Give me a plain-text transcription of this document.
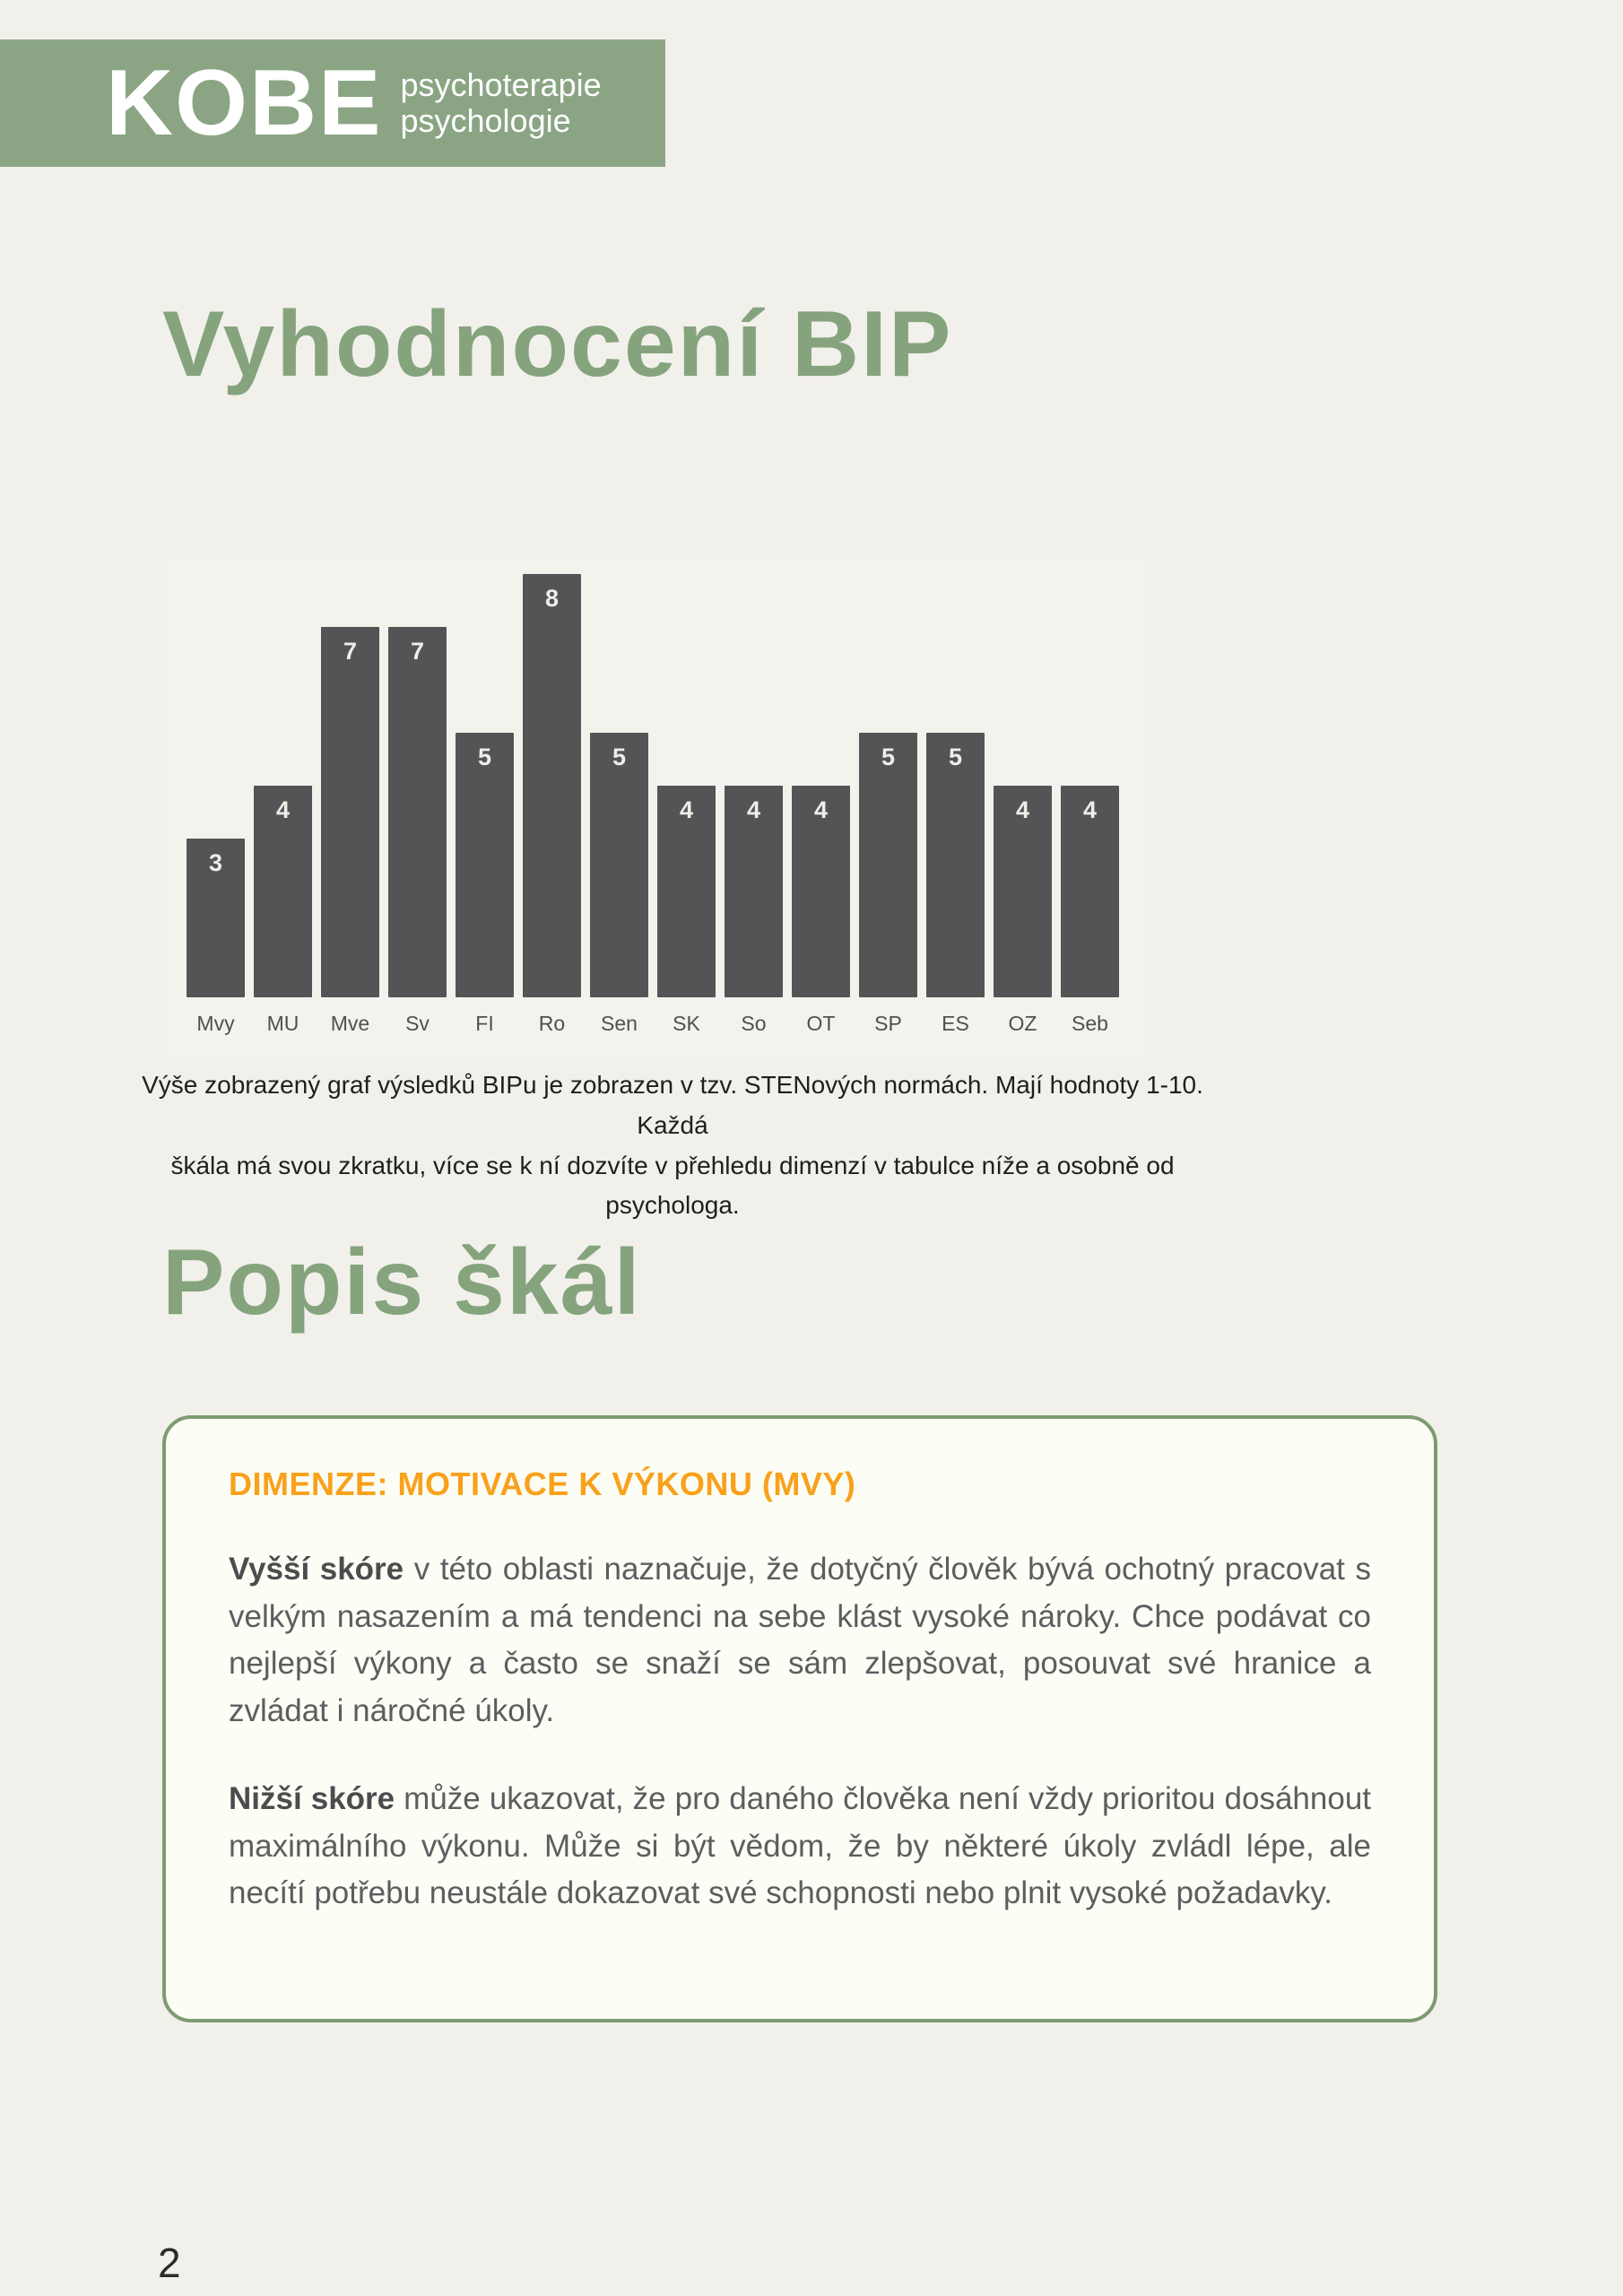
KOBE psychoterapie
psychologie
Vyhodnocení BIP
3
4
7 7
5
8
5
4 4 4
5 5
4 4
Mvy	MU	Mve	Sv	FI	Ro	Sen	SK	So	OT	SP	ES	OZ	Seb
Výše zobrazený graf výsledků BIPu je zobrazen v tzv. STENových normách. Mají hodnoty 1-10. Každá
škála má svou zkratku, více se k ní dozvíte v přehledu dimenzí v tabulce níže a osobně od psychologa.
Popis škál
DIMENZE: MOTIVACE K VÝKONU (MVY)

Vyšší skóre v této oblasti naznačuje, že dotyčný člověk bývá ochotný pracovat s velkým nasazením a má tendenci na sebe klást vysoké nároky. Chce podávat co nejlepší výkony a často se snaží se sám zlepšovat, posouvat své hranice a zvládat i náročné úkoly.

Nižší skóre může ukazovat, že pro daného člověka není vždy prioritou dosáhnout maximálního výkonu. Může si být vědom, že by některé úkoly zvládl lépe, ale necítí potřebu neustále dokazovat své schopnosti nebo plnit vysoké požadavky.

2
